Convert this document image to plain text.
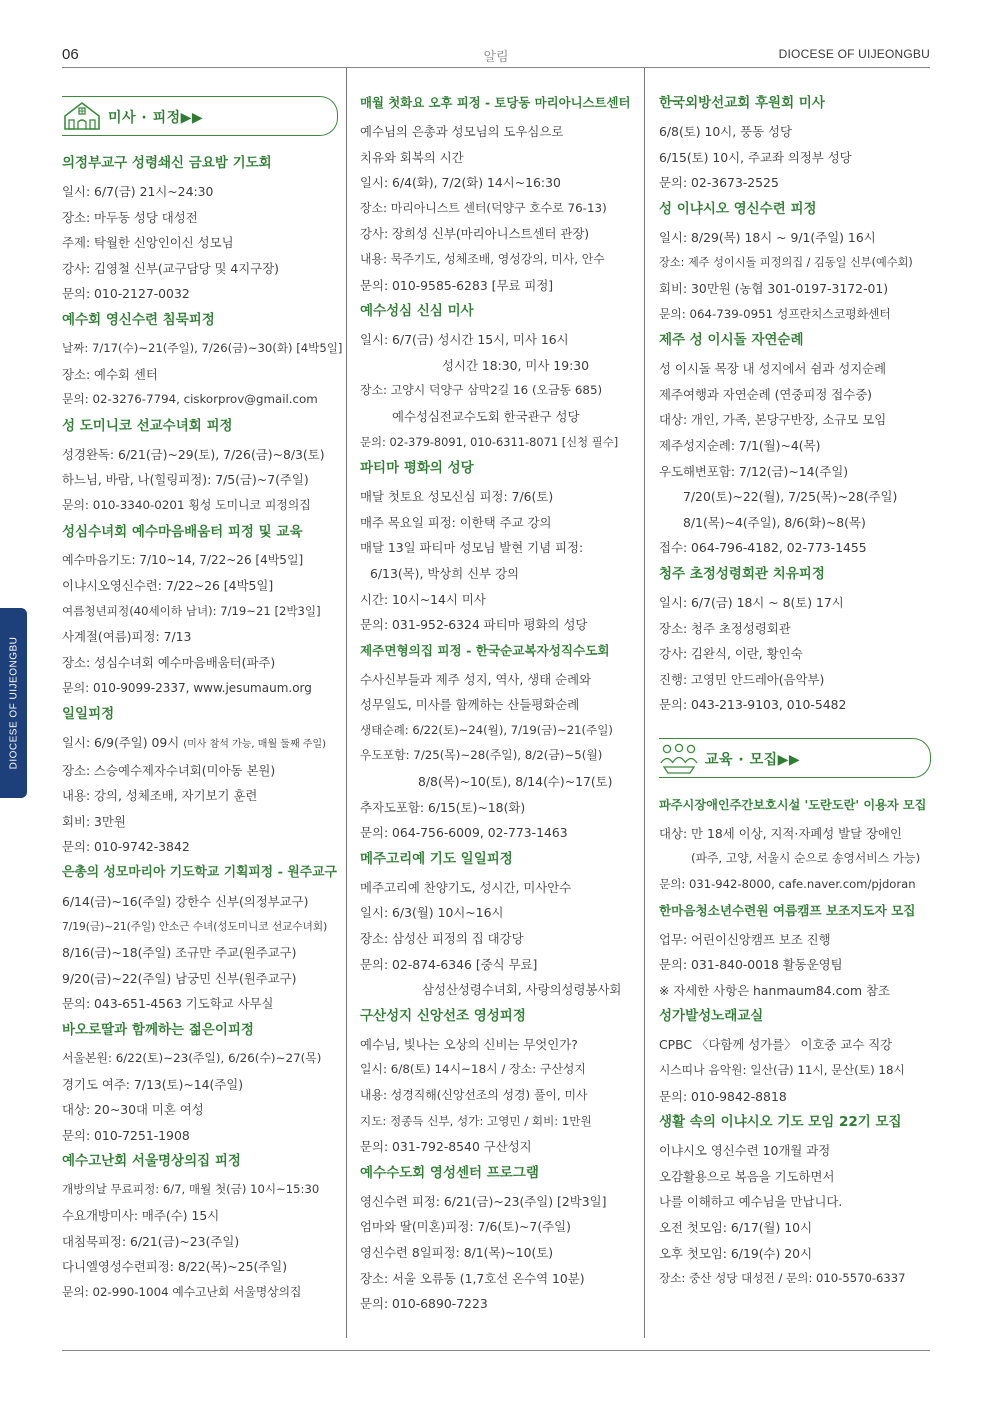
06	알림	DIOCESE OF UIJEONGBU
DIOCESE OF UIJEONGBU
미사 · 피정▶▶
의정부교구 성령쇄신 금요밤 기도회

일시: 6/7(금) 21시~24:30

장소: 마두동 성당 대성전

주제: 탁월한 신앙인이신 성모님

강사: 김영철 신부(교구담당 및 4지구장)

문의: 010-2127-0032

예수회 영신수련 침묵피정

날짜: 7/17(수)~21(주일), 7/26(금)~30(화) [4박5일]

장소: 예수회 센터

문의: 02-3276-7794, ciskorprov@gmail.com

성 도미니코 선교수녀회 피정

성경완독: 6/21(금)~29(토), 7/26(금)~8/3(토)

하느님, 바람, 나(힐링피정): 7/5(금)~7(주일)

문의: 010-3340-0201 횡성 도미니코 피정의집

성심수녀회 예수마음배움터 피정 및 교육

예수마음기도: 7/10~14, 7/22~26 [4박5일]

이냐시오영신수련: 7/22~26 [4박5일]

여름청년피정(40세이하 남녀): 7/19~21 [2박3일]

사계절(여름)피정: 7/13

장소: 성심수녀회 예수마음배움터(파주)

문의: 010-9099-2337, www.jesumaum.org

일일피정

일시: 6/9(주일) 09시 (미사 참석 가능, 매월 둘째 주일)

장소: 스승예수제자수녀회(미아동 본원)

내용: 강의, 성체조배, 자기보기 훈련

회비: 3만원

문의: 010-9742-3842

은총의 성모마리아 기도학교 기획피정 - 원주교구

6/14(금)~16(주일) 강한수 신부(의정부교구)

7/19(금)~21(주일) 안소근 수녀(성도미니코 선교수녀회)

8/16(금)~18(주일) 조규만 주교(원주교구)

9/20(금)~22(주일) 남궁민 신부(원주교구)

문의: 043-651-4563 기도학교 사무실

바오로딸과 함께하는 젊은이피정

서울본원: 6/22(토)~23(주일), 6/26(수)~27(목)

경기도 여주: 7/13(토)~14(주일)

대상: 20~30대 미혼 여성

문의: 010-7251-1908

예수고난회 서울명상의집 피정

개방의날 무료피정: 6/7, 매월 첫(금) 10시~15:30

수요개방미사: 매주(수) 15시

대침묵피정: 6/21(금)~23(주일)

다니엘영성수련피정: 8/22(목)~25(주일)

문의: 02-990-1004 예수고난회 서울명상의집

매월 첫화요 오후 피정 - 토당동 마리아니스트센터

예수님의 은총과 성모님의 도우심으로

치유와 회복의 시간

일시: 6/4(화), 7/2(화) 14시~16:30

장소: 마리아니스트 센터(덕양구 호수로 76-13)

강사: 장희성 신부(마리아니스트센터 관장)

내용: 묵주기도, 성체조배, 영성강의, 미사, 안수

문의: 010-9585-6283 [무료 피정]

예수성심 신심 미사

일시: 6/7(금) 성시간 15시, 미사 16시

성시간 18:30, 미사 19:30

장소: 고양시 덕양구 삼막2길 16 (오금동 685)

예수성심전교수도회 한국관구 성당

문의: 02-379-8091, 010-6311-8071 [신청 필수]

파티마 평화의 성당

매달 첫토요 성모신심 피정: 7/6(토)

매주 목요일 피정: 이한택 주교 강의

매달 13일 파티마 성모님 발현 기념 피정:

6/13(목), 박상희 신부 강의

시간: 10시~14시 미사

문의: 031-952-6324 파티마 평화의 성당

제주면형의집 피정 - 한국순교복자성직수도회

수사신부들과 제주 성지, 역사, 생태 순례와

성무일도, 미사를 함께하는 산들평화순례

생태순례: 6/22(토)~24(월), 7/19(금)~21(주일)

우도포함: 7/25(목)~28(주일), 8/2(금)~5(월)

8/8(목)~10(토), 8/14(수)~17(토)

추자도포함: 6/15(토)~18(화)

문의: 064-756-6009, 02-773-1463

메주고리예 기도 일일피정

메주고리예 찬양기도, 성시간, 미사안수

일시: 6/3(월) 10시~16시

장소: 삼성산 피정의 집 대강당

문의: 02-874-6346 [중식 무료]

삼성산성령수녀회, 사랑의성령봉사회

구산성지 신앙선조 영성피정

예수님, 빛나는 오상의 신비는 무엇인가?

일시: 6/8(토) 14시~18시 / 장소: 구산성지

내용: 성경직해(신앙선조의 성경) 풀이, 미사

지도: 정종득 신부, 성가: 고영민 / 회비: 1만원

문의: 031-792-8540 구산성지

예수수도회 영성센터 프로그램

영신수련 피정: 6/21(금)~23(주일) [2박3일]

엄마와 딸(미혼)피정: 7/6(토)~7(주일)

영신수련 8일피정: 8/1(목)~10(토)

장소: 서울 오류동 (1,7호선 온수역 10분)

문의: 010-6890-7223

한국외방선교회 후원회 미사

6/8(토) 10시, 풍동 성당

6/15(토) 10시, 주교좌 의정부 성당

문의: 02-3673-2525

성 이냐시오 영신수련 피정

일시: 8/29(목) 18시 ~ 9/1(주일) 16시

장소: 제주 성이시돌 피정의집 / 김동일 신부(예수회)

회비: 30만원 (농협 301-0197-3172-01)

문의: 064-739-0951 성프란치스코평화센터

제주 성 이시돌 자연순례

성 이시돌 목장 내 성지에서 쉼과 성지순례

제주여행과 자연순례 (연중피정 접수중)

대상: 개인, 가족, 본당구반장, 소규모 모임

제주성지순례: 7/1(월)~4(목)

우도해변포함: 7/12(금)~14(주일)

7/20(토)~22(월), 7/25(목)~28(주일)

8/1(목)~4(주일), 8/6(화)~8(목)

접수: 064-796-4182, 02-773-1455

청주 초정성령회관 치유피정

일시: 6/7(금) 18시 ~ 8(토) 17시

장소: 청주 초정성령회관

강사: 김완식, 이란, 황인숙

진행: 고영민 안드레아(음악부)

문의: 043-213-9103, 010-5482

교육 · 모집▶▶
파주시장애인주간보호시설 '도란도란' 이용자 모집

대상: 만 18세 이상, 지적·자폐성 발달 장애인

(파주, 고양, 서울시 순으로 송영서비스 가능)

문의: 031-942-8000, cafe.naver.com/pjdoran

한마음청소년수련원 여름캠프 보조지도자 모집

업무: 어린이신앙캠프 보조 진행

문의: 031-840-0018 활동운영팀

※ 자세한 사항은 hanmaum84.com 참조

성가발성노래교실

CPBC 〈다함께 성가를〉 이호중 교수 직강

시스띠나 음악원: 일산(금) 11시, 문산(토) 18시

문의: 010-9842-8818

생활 속의 이냐시오 기도 모임 22기 모집

이냐시오 영신수련 10개월 과정

오감활용으로 복음을 기도하면서

나를 이해하고 예수님을 만납니다.

오전 첫모임: 6/17(월) 10시

오후 첫모임: 6/19(수) 20시

장소: 중산 성당 대성전 / 문의: 010-5570-6337
